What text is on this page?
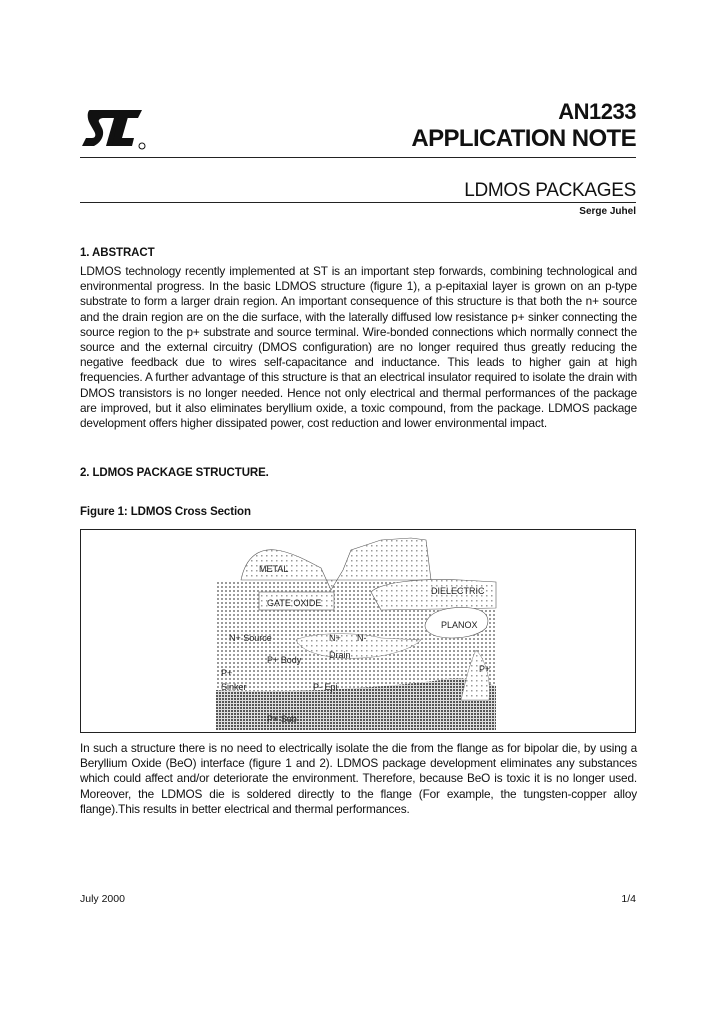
AN1233
APPLICATION NOTE
LDMOS PACKAGES

Serge Juhel

1. ABSTRACT

LDMOS technology recently implemented at ST is an important step forwards, combining technological and environmental progress. In the basic LDMOS structure (figure 1), a p-epitaxial layer is grown on an p-type substrate to form a larger drain region. An important consequence of this structure is that both the n+ source and the drain region are on the die surface, with the laterally diffused low resistance p+ sinker connecting the source region to the p+ substrate and source terminal. Wire-bonded connections which normally connect the source and the external circuitry (DMOS configuration) are no longer required thus greatly reducing the negative feedback due to wires self-capacitance and inductance. This leads to higher gain at high frequencies. A further advantage of this structure is that an electrical insulator required to isolate the drain with DMOS transistors is no longer needed. Hence not only electrical and thermal performances of the package are improved, but it also eliminates beryllium oxide, a toxic compound, from the package. LDMOS package development offers higher dissipated power, cost reduction and lower environmental impact.

2. LDMOS PACKAGE STRUCTURE.
Figure 1: LDMOS Cross Section
METAL
GATE OXIDE
DIELECTRIC
PLANOX
N+ Source	N+ N-
Drain
P+ Body
P+
Sinker	P- Epi
P+
P+ Sub

In such a structure there is no need to electrically isolate the die from the flange as for bipolar die, by using a Beryllium Oxide (BeO) interface (figure 1 and 2). LDMOS package development eliminates any substances which could affect and/or deteriorate the environment. Therefore, because BeO is toxic it is no longer used. Moreover, the LDMOS die is soldered directly to the flange (For example, the tungsten-copper alloy flange).This results in better electrical and thermal performances.

July 2000	1/4
